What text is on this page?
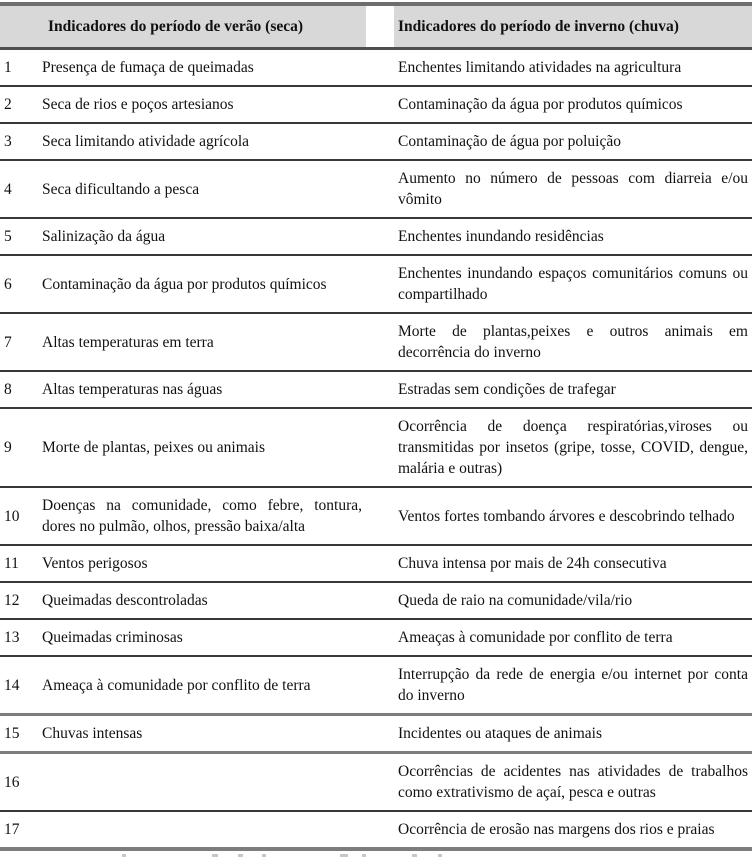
Indicadores do período de verão (seca)			Indicadores do período de inverno (chuva)
1	Presença de fumaça de queimadas		Enchentes limitando atividades na agricultura
2	Seca de rios e poços artesianos		Contaminação da água por produtos químicos
3	Seca limitando atividade agrícola		Contaminação de água por poluição
4	Seca dificultando a pesca		Aumento no número de pessoas com diarreia e/ou vômito
5	Salinização da água		Enchentes inundando residências
6	Contaminação da água por produtos químicos		Enchentes inundando espaços comunitários comuns ou compartilhado
7	Altas temperaturas em terra		Morte de plantas,peixes e outros animais em decorrência do inverno
8	Altas temperaturas nas águas		Estradas sem condições de trafegar
9	Morte de plantas, peixes ou animais		Ocorrência de doença respiratórias,viroses ou transmitidas por insetos (gripe, tosse, COVID, dengue, malária e outras)
10	Doenças na comunidade, como febre, tontura, dores no pulmão, olhos, pressão baixa/alta		Ventos fortes tombando árvores e descobrindo telhado
11	Ventos perigosos		Chuva intensa por mais de 24h consecutiva
12	Queimadas descontroladas		Queda de raio na comunidade/vila/rio
13	Queimadas criminosas		Ameaças à comunidade por conflito de terra
14	Ameaça à comunidade por conflito de terra		Interrupção da rede de energia e/ou internet por conta do inverno
15	Chuvas intensas		Incidentes ou ataques de animais
16			Ocorrências de acidentes nas atividades de trabalhos como extrativismo de açaí, pesca e outras
17			Ocorrência de erosão nas margens dos rios e praias
